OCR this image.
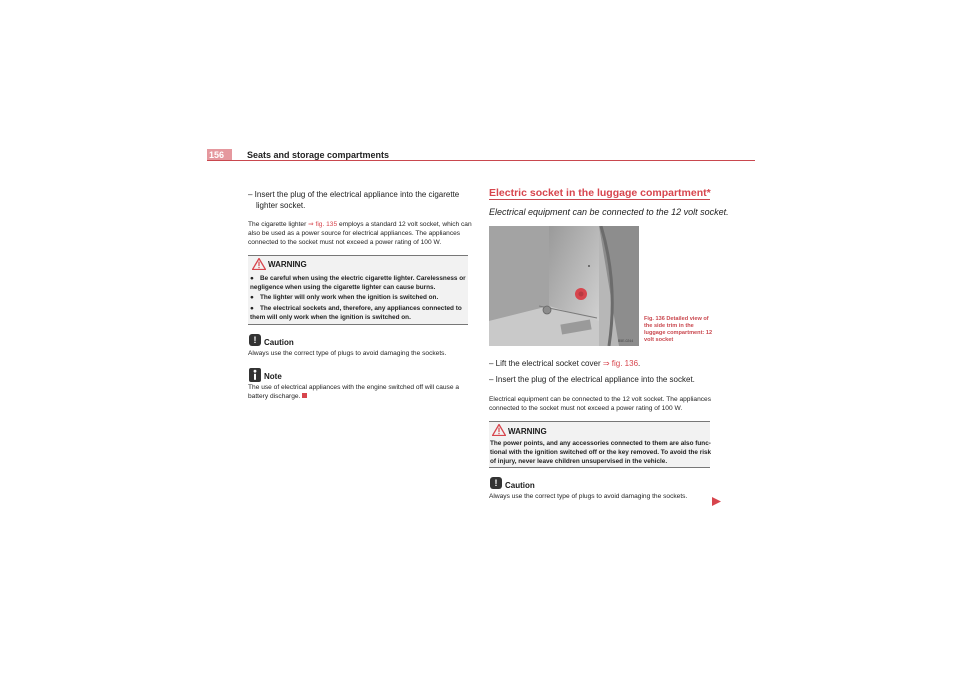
156	Seats and storage compartments
– Insert the plug of the electrical appliance into the cigarette
lighter socket.
The cigarette lighter ⇒ fig. 135 employs a standard 12 volt socket, which can
also be used as a power source for electrical appliances. The appliances
connected to the socket must not exceed a power rating of 100 W.
WARNING
● Be careful when using the electric cigarette lighter. Carelessness or
negligence when using the cigarette lighter can cause burns.
● The lighter will only work when the ignition is switched on.
● The electrical sockets and, therefore, any appliances connected to
them will only work when the ignition is switched on.
! Caution
Always use the correct type of plugs to avoid damaging the sockets.
Note
The use of electrical appliances with the engine switched off will cause a
battery discharge.
Electric socket in the luggage compartment*
Electrical equipment can be connected to the 12 volt socket.
B5E-0244
Fig. 136 Detailed view of
the side trim in the
luggage compartment: 12
volt socket
– Lift the electrical socket cover ⇒ fig. 136.
– Insert the plug of the electrical appliance into the socket.
Electrical equipment can be connected to the 12 volt socket. The appliances
connected to the socket must not exceed a power rating of 100 W.
WARNING
The power points, and any accessories connected to them are also func-
tional with the ignition switched off or the key removed. To avoid the risk
of injury, never leave children unsupervised in the vehicle.
! Caution
Always use the correct type of plugs to avoid damaging the sockets.
